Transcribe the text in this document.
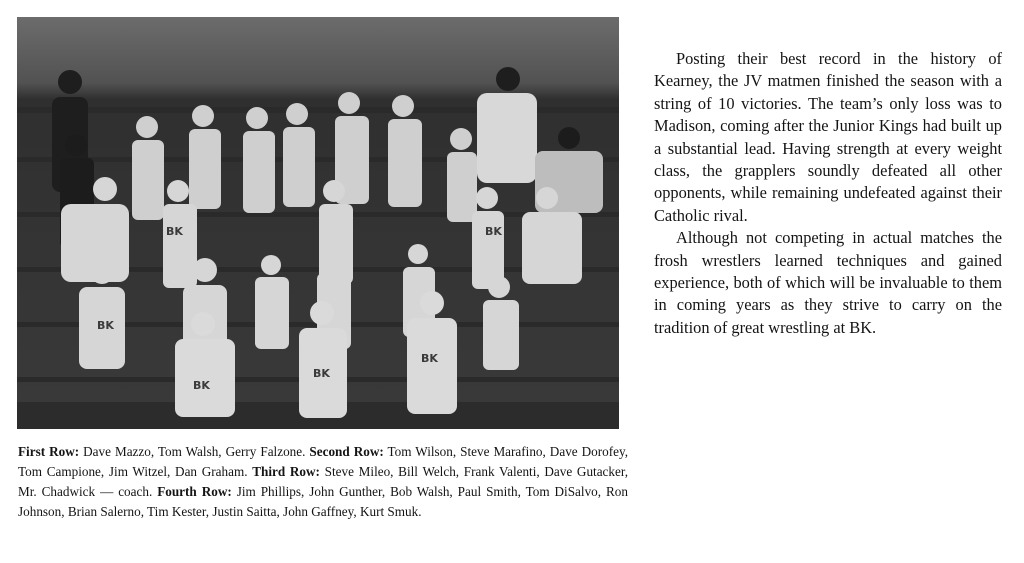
BK
BK
BK
BK
BK	BK
First Row: Dave Mazzo, Tom Walsh, Gerry Falzone. Second Row: Tom Wilson, Steve Marafino, Dave Dorofey, Tom Campione, Jim Witzel, Dan Graham. Third Row: Steve Mileo, Bill Welch, Frank Valenti, Dave Gutacker, Mr. Chadwick — coach. Fourth Row: Jim Phillips, John Gunther, Bob Walsh, Paul Smith, Tom DiSalvo, Ron Johnson, Brian Salerno, Tim Kester, Justin Saitta, John Gaffney, Kurt Smuk.

Posting their best record in the history of Kearney, the JV matmen finished the season with a string of 10 victories. The team’s only loss was to Madison, coming after the Junior Kings had built up a substantial lead. Having strength at every weight class, the grapplers soundly defeated all other opponents, while remaining undefeated against their Catholic rival.

Although not competing in actual matches the frosh wrestlers learned techniques and gained experience, both of which will be invaluable to them in coming years as they strive to carry on the tradition of great wrestling at BK.
